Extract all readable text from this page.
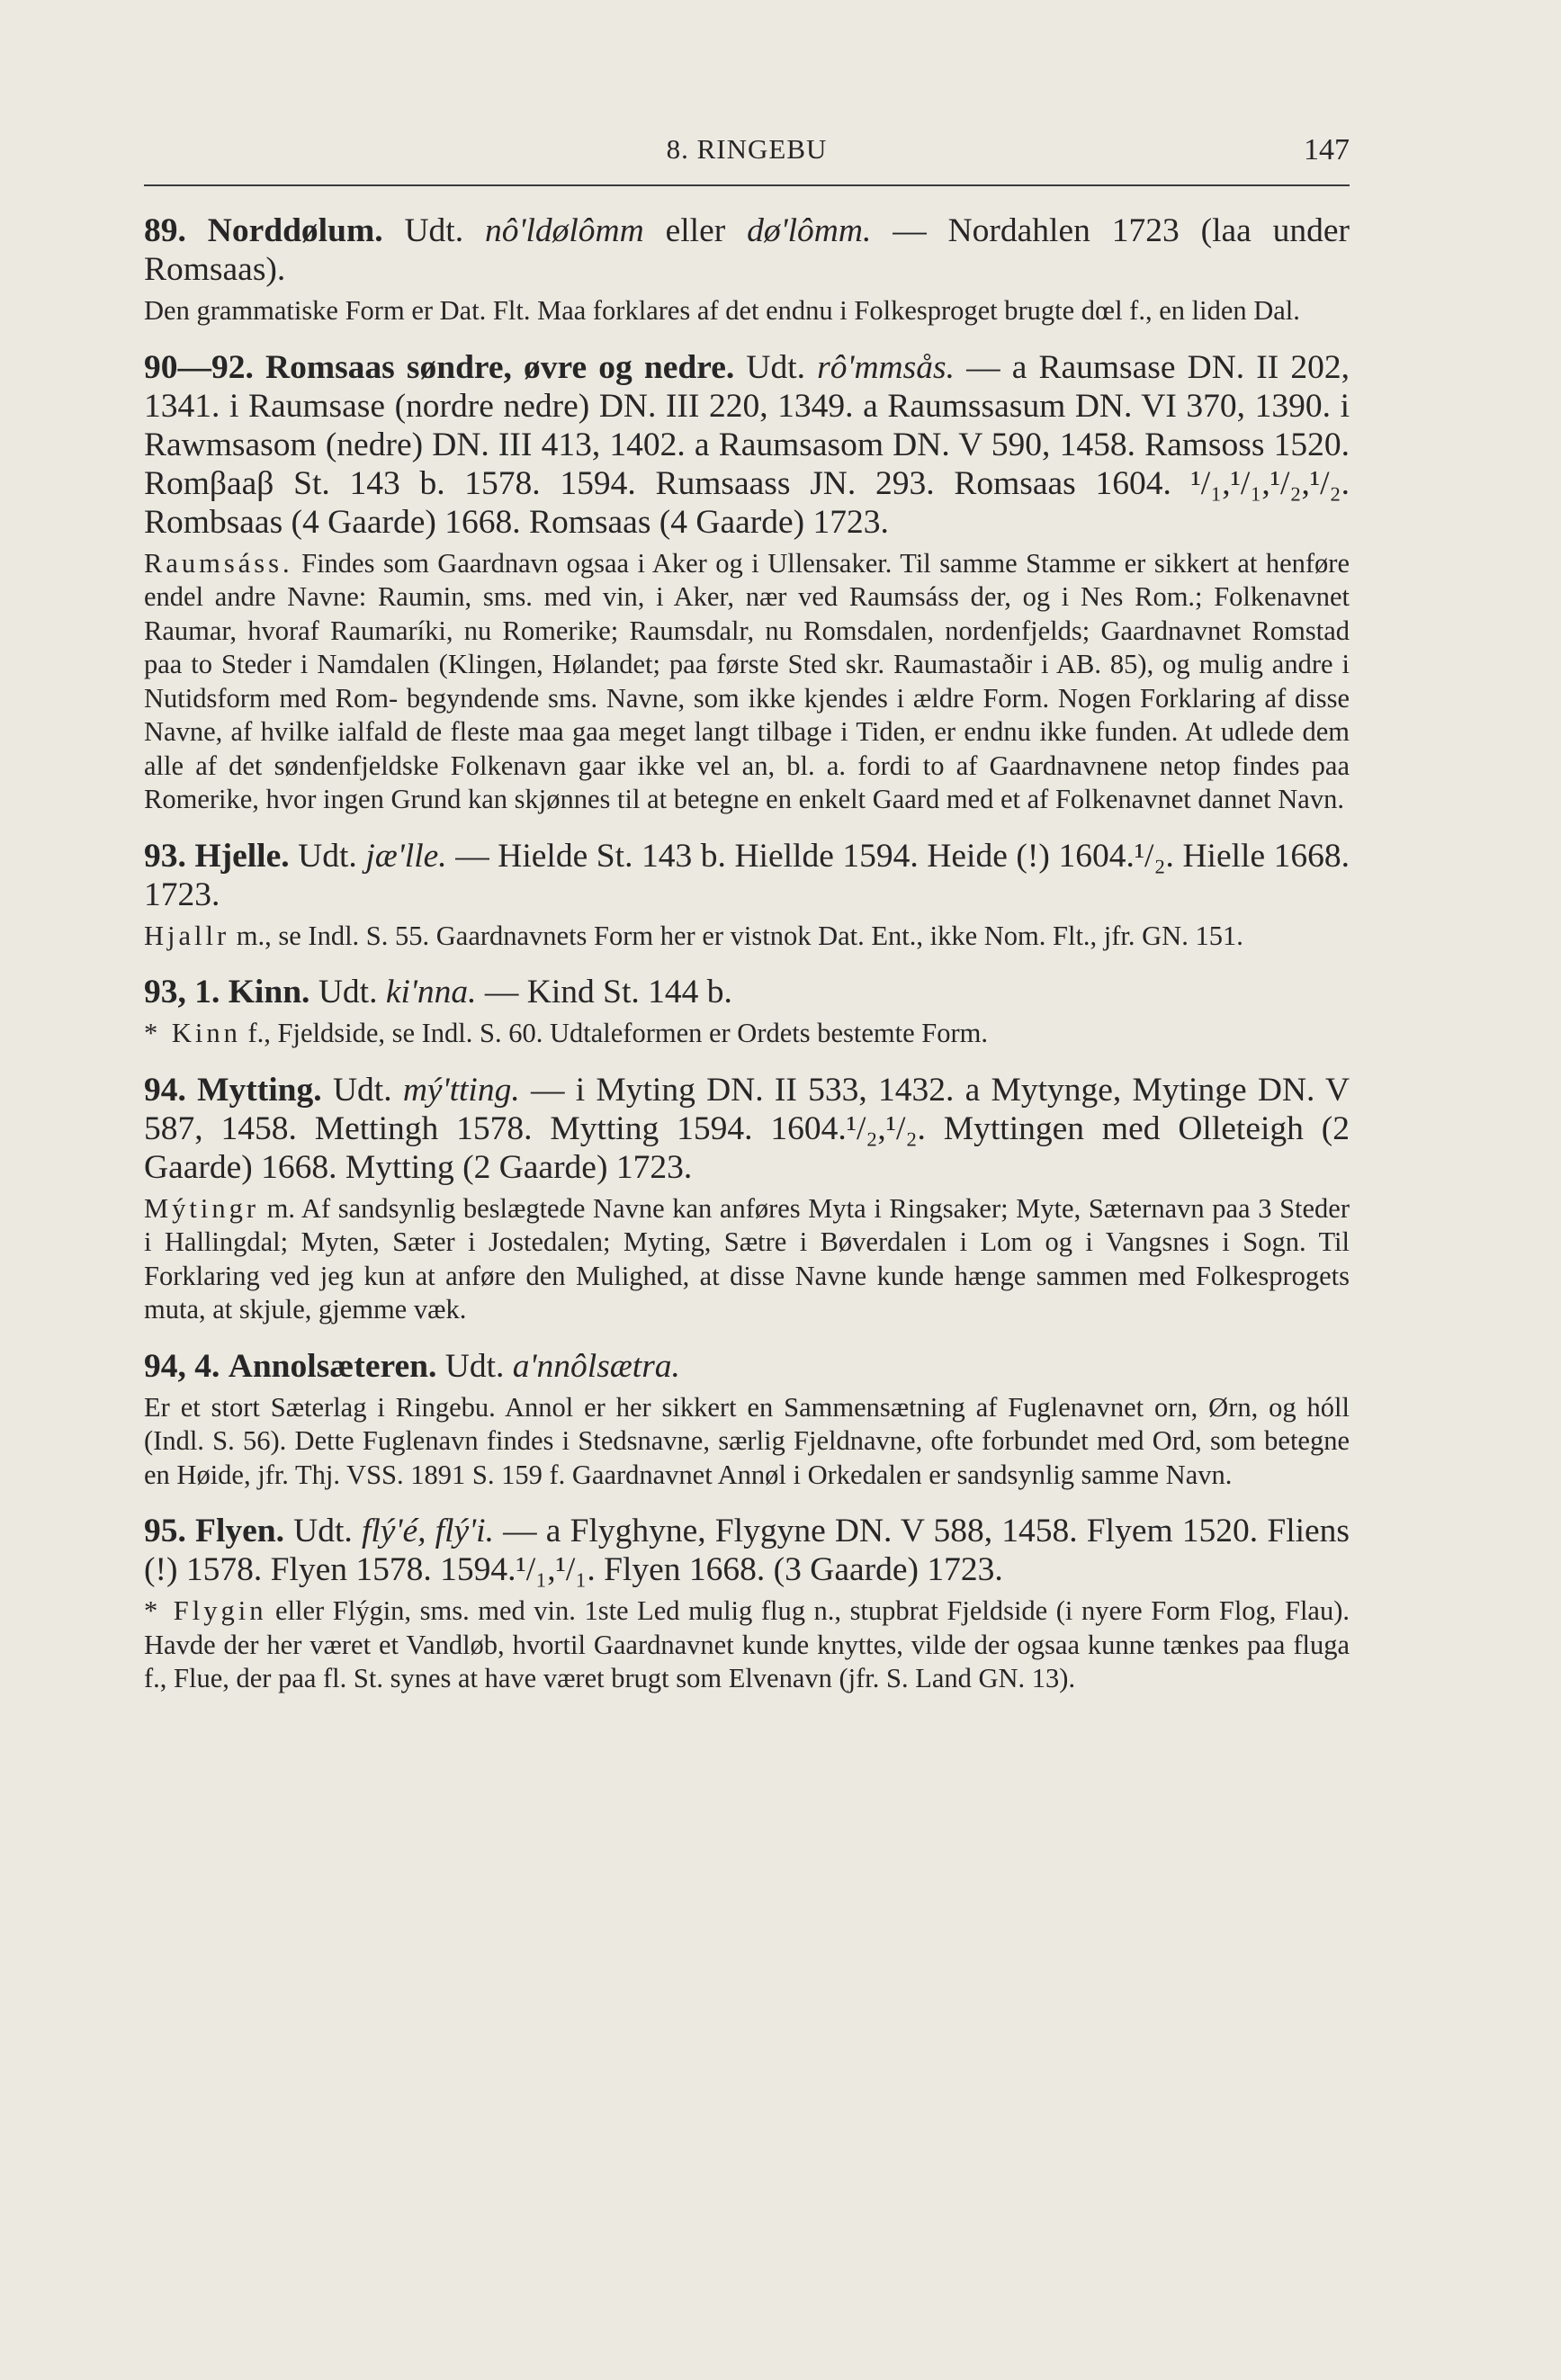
8. RINGEBU	147

89. Norddølum. Udt. nô'ldølômm eller dø'lômm. — Nordahlen 1723 (laa under Romsaas).

Den grammatiske Form er Dat. Flt. Maa forklares af det endnu i Folkesproget brugte dœl f., en liden Dal.

90—92. Romsaas søndre, øvre og nedre. Udt. rô'mmsås. — a Raumsase DN. II 202, 1341. i Raumsase (nordre nedre) DN. III 220, 1349. a Raumssasum DN. VI 370, 1390. i Rawmsasom (nedre) DN. III 413, 1402. a Raumsasom DN. V 590, 1458. Ramsoss 1520. Romβaaβ St. 143 b. 1578. 1594. Rumsaass JN. 293. Romsaas 1604. ¹/₁,¹/₁,¹/₂,¹/₂. Rombsaas (4 Gaarde) 1668. Romsaas (4 Gaarde) 1723.

Raumsáss. Findes som Gaardnavn ogsaa i Aker og i Ullensaker. Til samme Stamme er sikkert at henføre endel andre Navne: Raumin, sms. med vin, i Aker, nær ved Raumsáss der, og i Nes Rom.; Folkenavnet Raumar, hvoraf Raumaríki, nu Romerike; Raumsdalr, nu Romsdalen, nordenfjelds; Gaardnavnet Romstad paa to Steder i Namdalen (Klingen, Hølandet; paa første Sted skr. Raumastaðir i AB. 85), og mulig andre i Nutidsform med Rom- begyndende sms. Navne, som ikke kjendes i ældre Form. Nogen Forklaring af disse Navne, af hvilke ialfald de fleste maa gaa meget langt tilbage i Tiden, er endnu ikke funden. At udlede dem alle af det søndenfjeldske Folkenavn gaar ikke vel an, bl. a. fordi to af Gaardnavnene netop findes paa Romerike, hvor ingen Grund kan skjønnes til at betegne en enkelt Gaard med et af Folkenavnet dannet Navn.

93. Hjelle. Udt. jæ'lle. — Hielde St. 143 b. Hiellde 1594. Heide (!) 1604.¹/₂. Hielle 1668. 1723.

Hjallr m., se Indl. S. 55. Gaardnavnets Form her er vistnok Dat. Ent., ikke Nom. Flt., jfr. GN. 151.

93, 1. Kinn. Udt. ki'nna. — Kind St. 144 b.

* Kinn f., Fjeldside, se Indl. S. 60. Udtaleformen er Ordets bestemte Form.

94. Mytting. Udt. mý'tting. — i Myting DN. II 533, 1432. a Mytynge, Mytinge DN. V 587, 1458. Mettingh 1578. Mytting 1594. 1604.¹/₂,¹/₂. Myttingen med Olleteigh (2 Gaarde) 1668. Mytting (2 Gaarde) 1723.

Mýtingr m. Af sandsynlig beslægtede Navne kan anføres Myta i Ringsaker; Myte, Sæternavn paa 3 Steder i Hallingdal; Myten, Sæter i Jostedalen; Myting, Sætre i Bøverdalen i Lom og i Vangsnes i Sogn. Til Forklaring ved jeg kun at anføre den Mulighed, at disse Navne kunde hænge sammen med Folkesprogets muta, at skjule, gjemme væk.

94, 4. Annolsæteren. Udt. a'nnôlsætra.

Er et stort Sæterlag i Ringebu. Annol er her sikkert en Sammensætning af Fuglenavnet orn, Ørn, og hóll (Indl. S. 56). Dette Fuglenavn findes i Stedsnavne, særlig Fjeldnavne, ofte forbundet med Ord, som betegne en Høide, jfr. Thj. VSS. 1891 S. 159 f. Gaardnavnet Annøl i Orkedalen er sandsynlig samme Navn.

95. Flyen. Udt. flý'é, flý'i. — a Flyghyne, Flygyne DN. V 588, 1458. Flyem 1520. Fliens (!) 1578. Flyen 1578. 1594.¹/₁,¹/₁. Flyen 1668. (3 Gaarde) 1723.

* Flygin eller Flýgin, sms. med vin. 1ste Led mulig flug n., stupbrat Fjeldside (i nyere Form Flog, Flau). Havde der her været et Vandløb, hvortil Gaardnavnet kunde knyttes, vilde der ogsaa kunne tænkes paa fluga f., Flue, der paa fl. St. synes at have været brugt som Elvenavn (jfr. S. Land GN. 13).
